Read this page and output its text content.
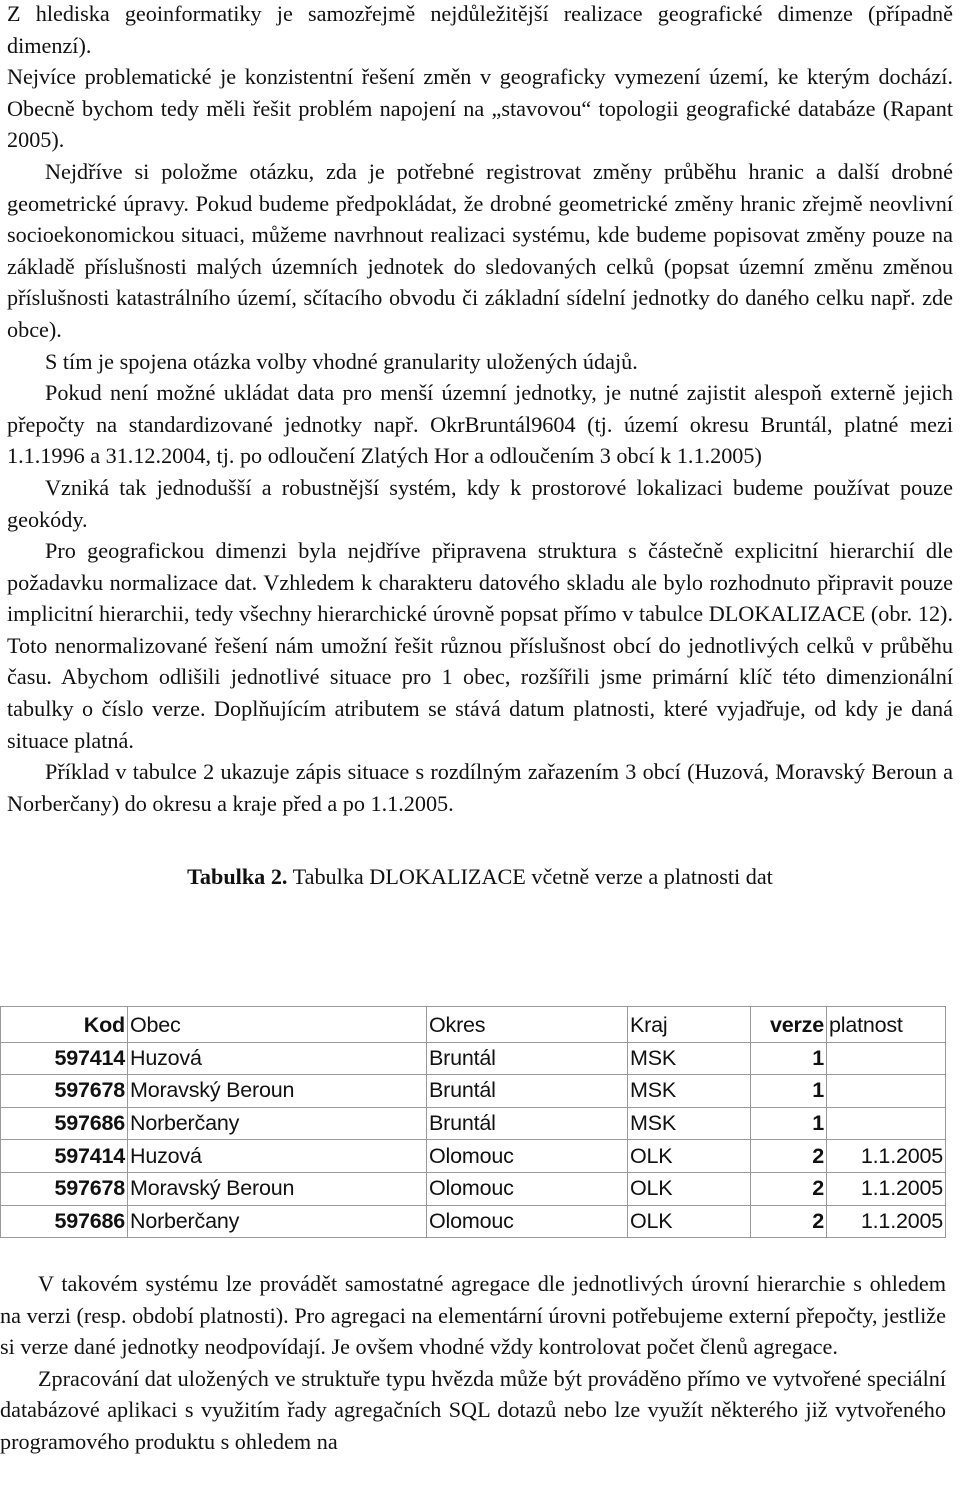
Z hlediska geoinformatiky je samozřejmě nejdůležitější realizace geografické dimenze (případně dimenzí).

Nejvíce problematické je konzistentní řešení změn v geograficky vymezení území, ke kterým dochází. Obecně bychom tedy měli řešit problém napojení na „stavovou“ topologii geografické databáze (Rapant 2005).

Nejdříve si položme otázku, zda je potřebné registrovat změny průběhu hranic a další drobné geometrické úpravy. Pokud budeme předpokládat, že drobné geometrické změny hranic zřejmě neovlivní socioekonomickou situaci, můžeme navrhnout realizaci systému, kde budeme popisovat změny pouze na základě příslušnosti malých územních jednotek do sledovaných celků (popsat územní změnu změnou příslušnosti katastrálního území, sčítacího obvodu či základní sídelní jednotky do daného celku např. zde obce).

S tím je spojena otázka volby vhodné granularity uložených údajů.

Pokud není možné ukládat data pro menší územní jednotky, je nutné zajistit alespoň externě jejich přepočty na standardizované jednotky např. OkrBruntál9604 (tj. území okresu Bruntál, platné mezi 1.1.1996 a 31.12.2004, tj. po odloučení Zlatých Hor a odloučením 3 obcí k 1.1.2005)

Vzniká tak jednodušší a robustnější systém, kdy k prostorové lokalizaci budeme používat pouze geokódy.

Pro geografickou dimenzi byla nejdříve připravena struktura s částečně explicitní hierarchií dle požadavku normalizace dat. Vzhledem k charakteru datového skladu ale bylo rozhodnuto připravit pouze implicitní hierarchii, tedy všechny hierarchické úrovně popsat přímo v tabulce DLOKALIZACE (obr. 12). Toto nenormalizované řešení nám umožní řešit různou příslušnost obcí do jednotlivých celků v průběhu času. Abychom odlišili jednotlivé situace pro 1 obec, rozšířili jsme primární klíč této dimenzionální tabulky o číslo verze. Doplňujícím atributem se stává datum platnosti, které vyjadřuje, od kdy je daná situace platná.

Příklad v tabulce 2 ukazuje zápis situace s rozdílným zařazením 3 obcí (Huzová, Moravský Beroun a Norberčany) do okresu a kraje před a po 1.1.2005.

Tabulka 2. Tabulka DLOKALIZACE včetně verze a platnosti dat

Kod	Obec	Okres	Kraj	verze	platnost
597414	Huzová	Bruntál	MSK	1	
597678	Moravský Beroun	Bruntál	MSK	1	
597686	Norberčany	Bruntál	MSK	1	
597414	Huzová	Olomouc	OLK	2	1.1.2005
597678	Moravský Beroun	Olomouc	OLK	2	1.1.2005
597686	Norberčany	Olomouc	OLK	2	1.1.2005

V takovém systému lze provádět samostatné agregace dle jednotlivých úrovní hierarchie s ohledem na verzi (resp. období platnosti). Pro agregaci na elementární úrovni potřebujeme externí přepočty, jestliže si verze dané jednotky neodpovídají. Je ovšem vhodné vždy kontrolovat počet členů agregace.

Zpracování dat uložených ve struktuře typu hvězda může být prováděno přímo ve vytvořené speciální databázové aplikaci s využitím řady agregačních SQL dotazů nebo lze využít některého již vytvořeného programového produktu s ohledem na
